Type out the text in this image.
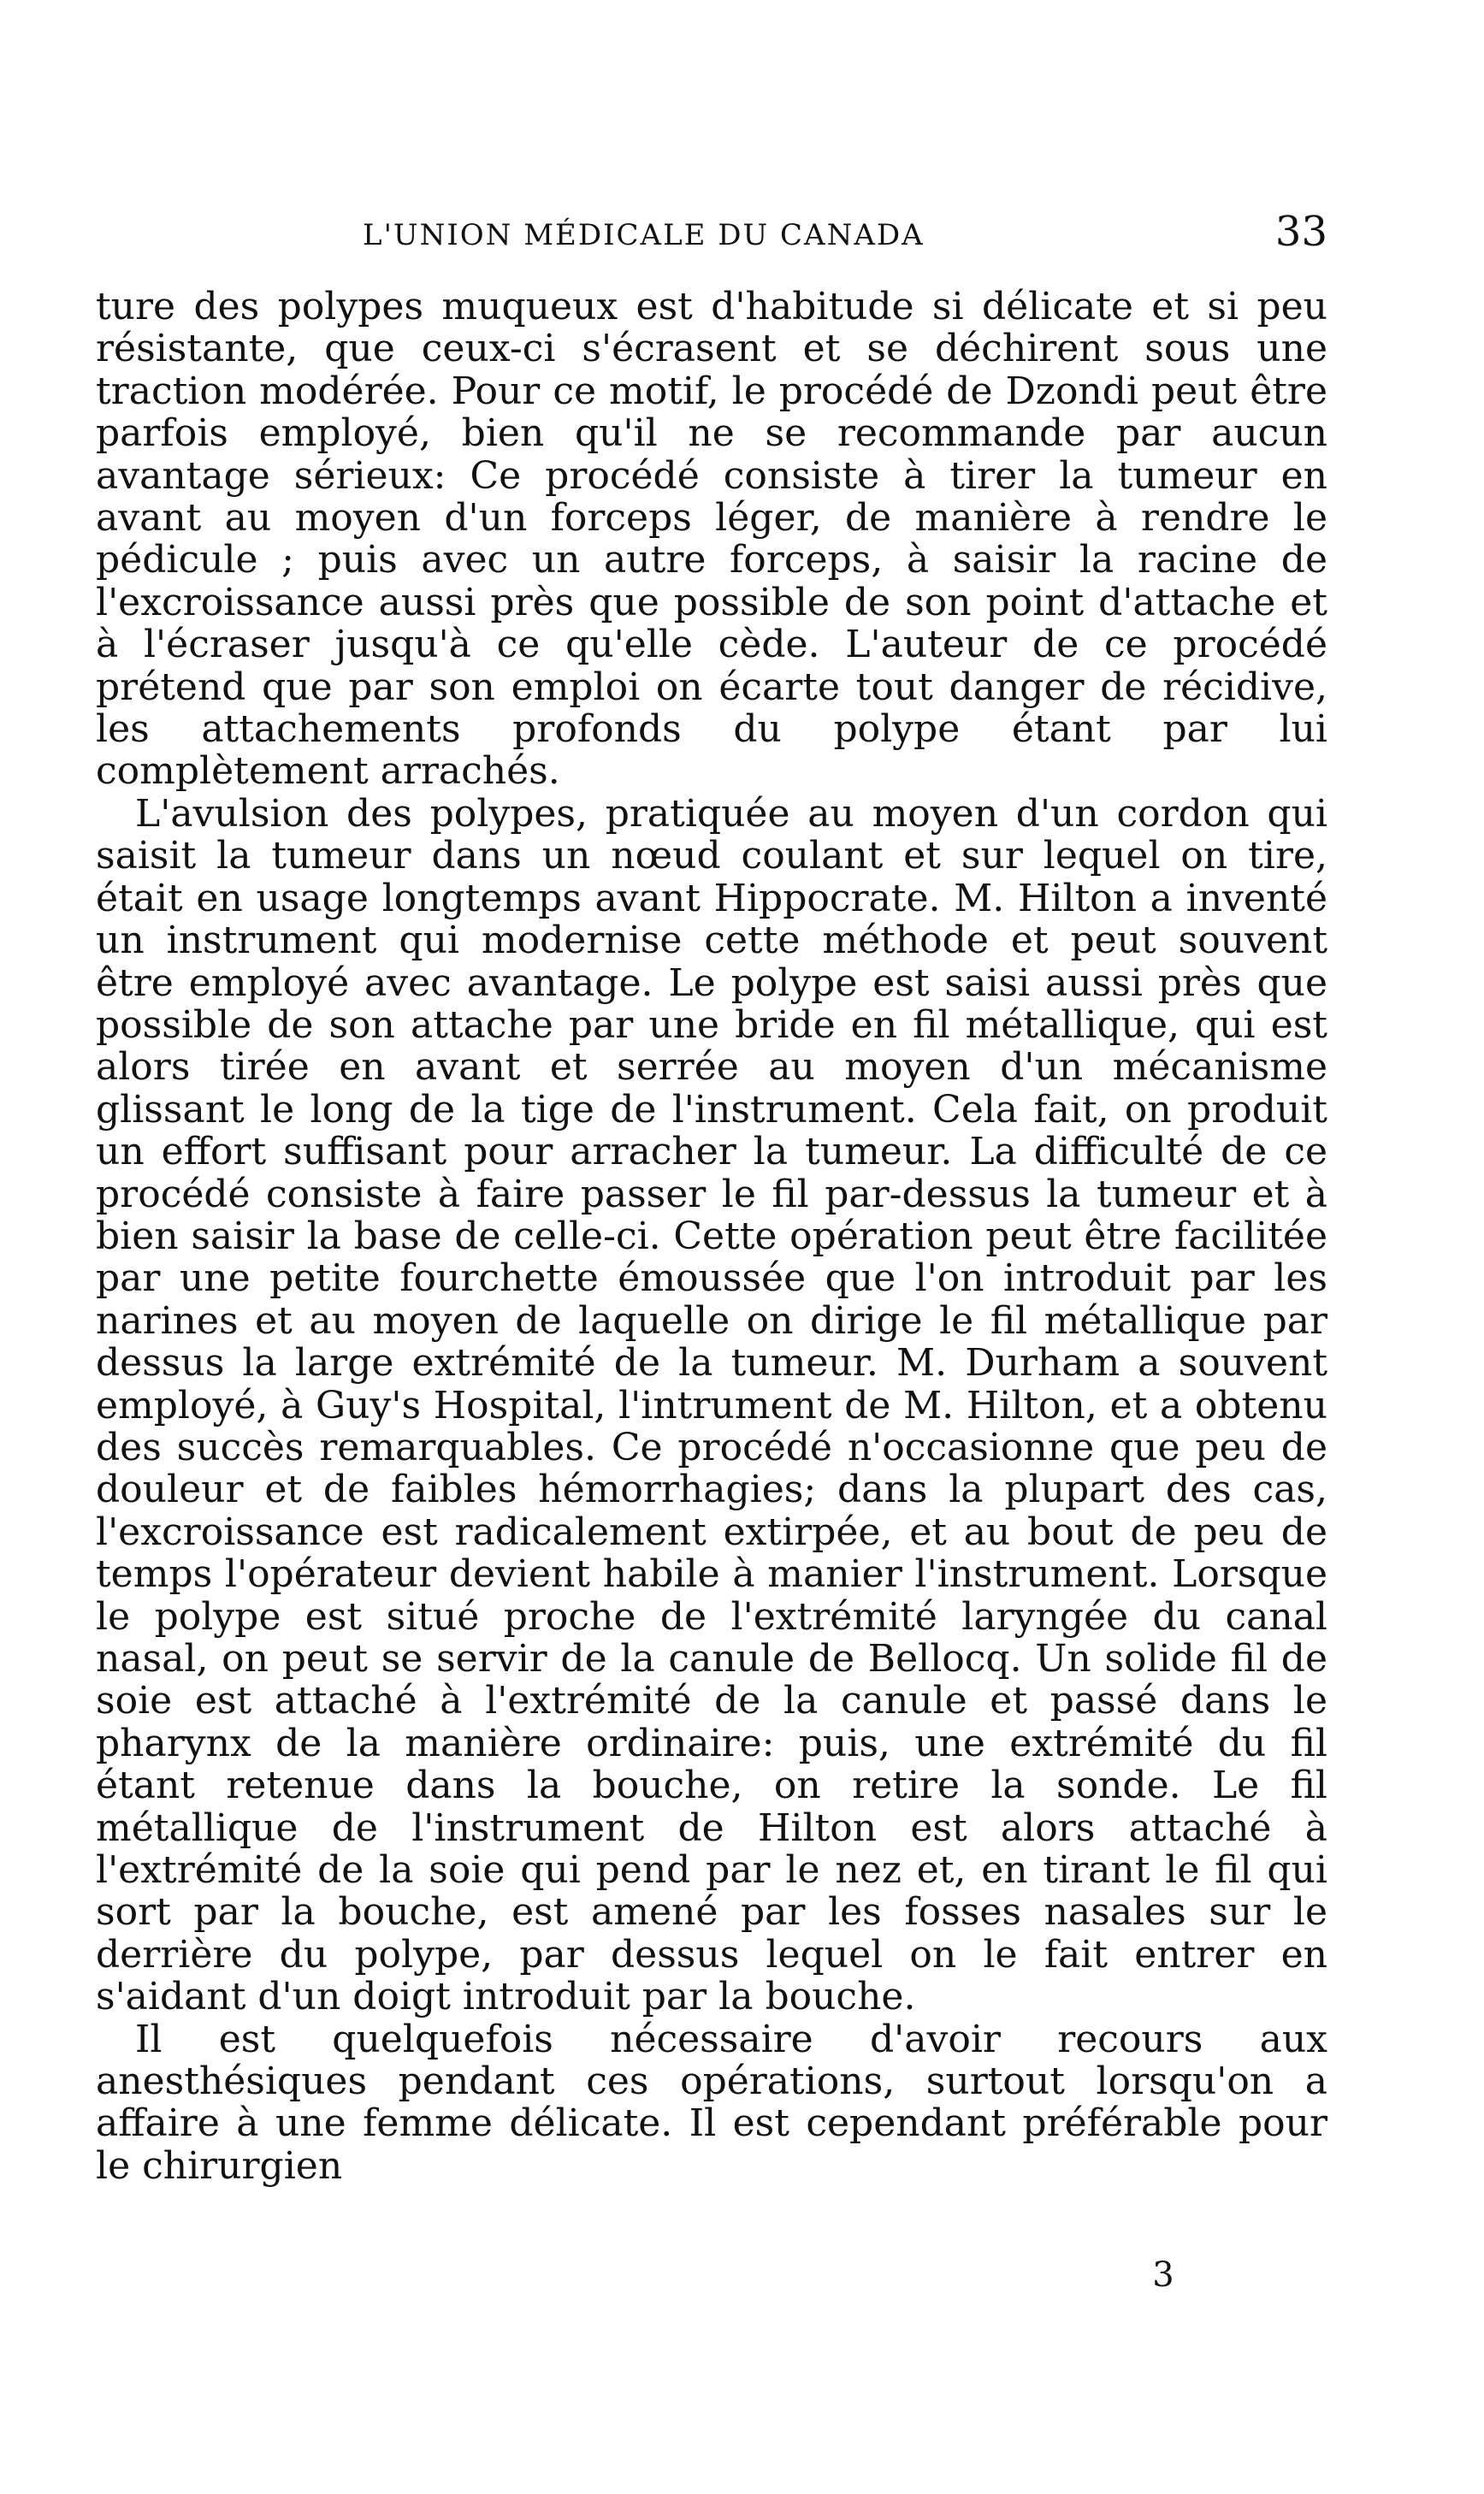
L'UNION MÉDICALE DU CANADA	33

ture des polypes muqueux est d'habitude si délicate et si peu résistante, que ceux-ci s'écrasent et se déchirent sous une traction modérée. Pour ce motif, le procédé de Dzondi peut être parfois employé, bien qu'il ne se recommande par aucun avantage sérieux: Ce procédé consiste à tirer la tumeur en avant au moyen d'un forceps léger, de manière à rendre le pédicule ; puis avec un autre forceps, à saisir la racine de l'excroissance aussi près que possible de son point d'attache et à l'écraser jusqu'à ce qu'elle cède. L'auteur de ce procédé prétend que par son emploi on écarte tout danger de récidive, les attachements profonds du polype étant par lui complètement arrachés.

L'avulsion des polypes, pratiquée au moyen d'un cordon qui saisit la tumeur dans un nœud coulant et sur lequel on tire, était en usage longtemps avant Hippocrate. M. Hilton a inventé un instrument qui modernise cette méthode et peut souvent être employé avec avantage. Le polype est saisi aussi près que possible de son attache par une bride en fil métallique, qui est alors tirée en avant et serrée au moyen d'un mécanisme glissant le long de la tige de l'instrument. Cela fait, on produit un effort suffisant pour arracher la tumeur. La difficulté de ce procédé consiste à faire passer le fil par-dessus la tumeur et à bien saisir la base de celle-ci. Cette opération peut être facilitée par une petite fourchette émoussée que l'on introduit par les narines et au moyen de laquelle on dirige le fil métallique par dessus la large extrémité de la tumeur. M. Durham a souvent employé, à Guy's Hospital, l'intrument de M. Hilton, et a obtenu des succès remarquables. Ce procédé n'occasionne que peu de douleur et de faibles hémorrhagies; dans la plupart des cas, l'excroissance est radicalement extirpée, et au bout de peu de temps l'opérateur devient habile à manier l'instrument. Lorsque le polype est situé proche de l'extrémité laryngée du canal nasal, on peut se servir de la canule de Bellocq. Un solide fil de soie est attaché à l'extrémité de la canule et passé dans le pharynx de la manière ordinaire: puis, une extrémité du fil étant retenue dans la bouche, on retire la sonde. Le fil métallique de l'instrument de Hilton est alors attaché à l'extrémité de la soie qui pend par le nez et, en tirant le fil qui sort par la bouche, est amené par les fosses nasales sur le derrière du polype, par dessus lequel on le fait entrer en s'aidant d'un doigt introduit par la bouche.

Il est quelquefois nécessaire d'avoir recours aux anesthésiques pendant ces opérations, surtout lorsqu'on a affaire à une femme délicate. Il est cependant préférable pour le chirurgien

3
